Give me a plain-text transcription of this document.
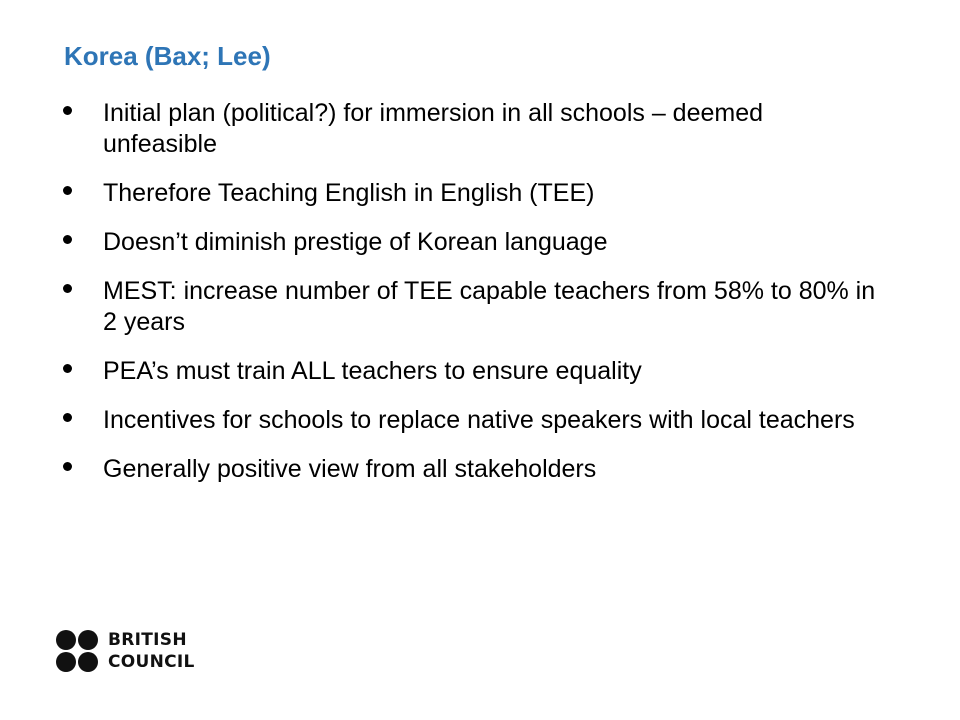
Korea (Bax; Lee)
Initial plan (political?) for immersion in all schools – deemed unfeasible
Therefore Teaching English in English (TEE)
Doesn’t diminish prestige of Korean language
MEST: increase number of TEE capable teachers from 58% to 80% in 2 years
PEA’s must train ALL teachers to ensure equality
Incentives for schools to replace native speakers with local teachers
Generally positive view from all stakeholders
BRITISH
COUNCIL
